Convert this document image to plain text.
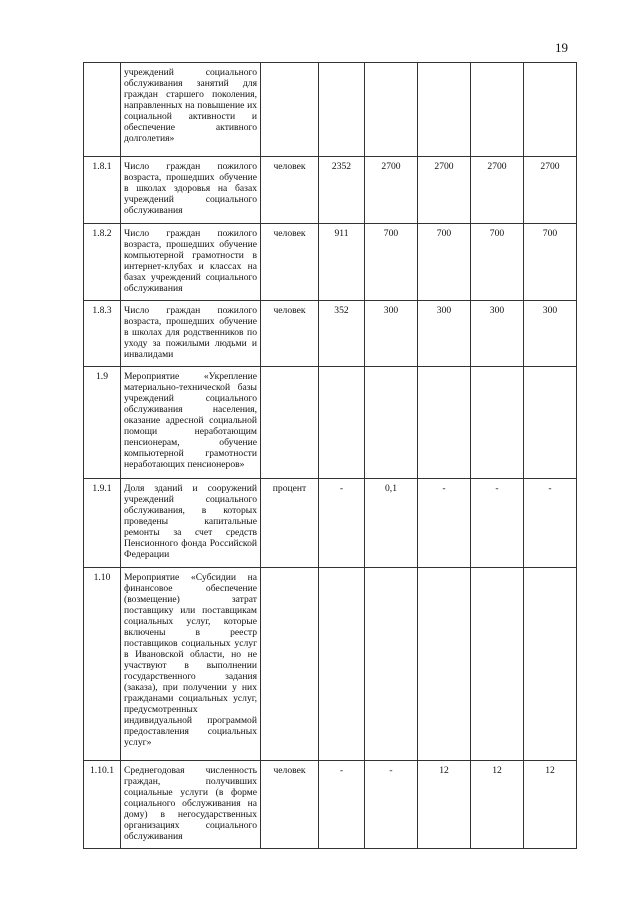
19
	учреждений социального обслуживания занятий для граждан старшего поколения, направленных на повышение их социальной активности и обеспечение активного долголетия»						
1.8.1	Число граждан пожилого возраста, прошедших обучение в школах здоровья на базах учреждений социального обслуживания	человек	2352	2700	2700	2700	2700
1.8.2	Число граждан пожилого возраста, прошедших обучение компьютерной грамотности в интернет-клубах и классах на базах учреждений социального обслуживания	человек	911	700	700	700	700
1.8.3	Число граждан пожилого возраста, прошедших обучение в школах для родственников по уходу за пожилыми людьми и инвалидами	человек	352	300	300	300	300
1.9	Мероприятие «Укрепление материально-технической базы учреждений социального обслуживания населения, оказание адресной социальной помощи неработающим пенсионерам, обучение компьютерной грамотности неработающих пенсионеров»						
1.9.1	Доля зданий и сооружений учреждений социального обслуживания, в которых проведены капитальные ремонты за счет средств Пенсионного фонда Российской Федерации	процент	-	0,1	-	-	-
1.10	Мероприятие «Субсидии на финансовое обеспечение (возмещение) затрат поставщику или поставщикам социальных услуг, которые включены в реестр поставщиков социальных услуг в Ивановской области, но не участвуют в выполнении государственного задания (заказа), при получении у них гражданами социальных услуг, предусмотренных индивидуальной программой предоставления социальных услуг»						
1.10.1	Среднегодовая численность граждан, получивших социальные услуги (в форме социального обслуживания на дому) в негосударственных организациях социального обслуживания	человек	-	-	12	12	12
